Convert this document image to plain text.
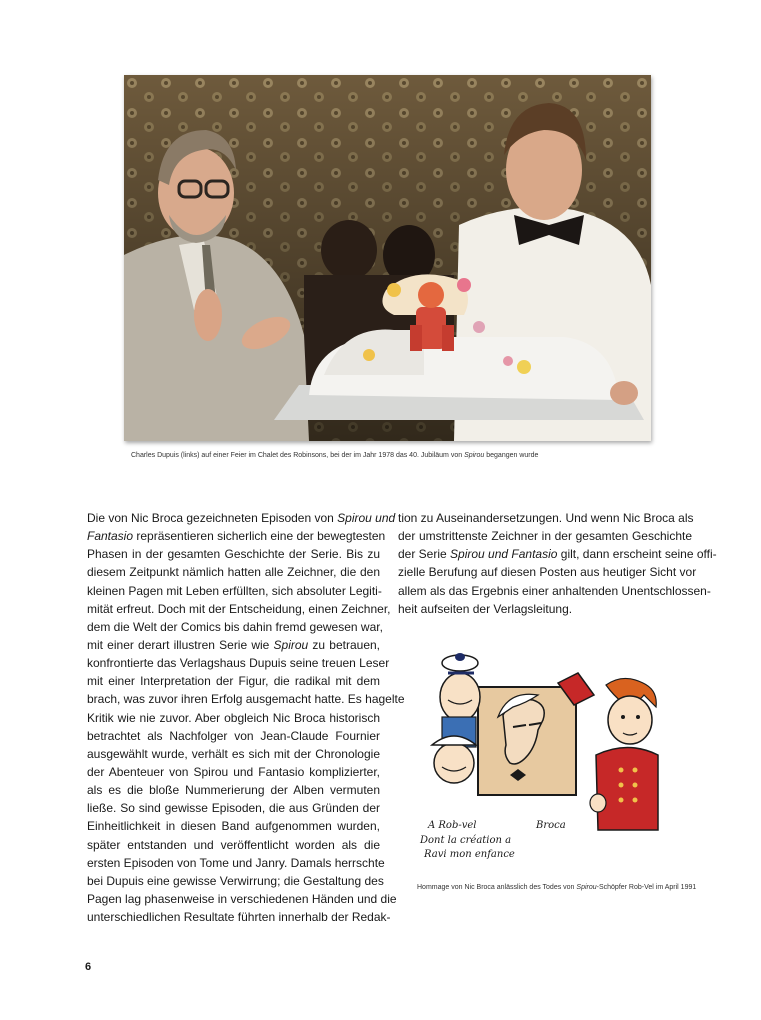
Charles Dupuis (links) auf einer Feier im Chalet des Robinsons, bei der im Jahr 1978 das 40. Jubiläum von Spirou begangen wurde
Die von Nic Broca gezeichneten Episoden von Spirou und
Fantasio repräsentieren sicherlich eine der bewegtesten
Phasen in der gesamten Geschichte der Serie. Bis zu
diesem Zeitpunkt nämlich hatten alle Zeichner, die den
kleinen Pagen mit Leben erfüllten, sich absoluter Legiti-
mität erfreut. Doch mit der Entscheidung, einen Zeichner,
dem die Welt der Comics bis dahin fremd gewesen war,
mit einer derart illustren Serie wie Spirou zu betrauen,
konfrontierte das Verlagshaus Dupuis seine treuen Leser
mit einer Interpretation der Figur, die radikal mit dem
brach, was zuvor ihren Erfolg ausgemacht hatte. Es hagelte
Kritik wie nie zuvor. Aber obgleich Nic Broca historisch
betrachtet als Nachfolger von Jean-Claude Fournier
ausgewählt wurde, verhält es sich mit der Chronologie
der Abenteuer von Spirou und Fantasio komplizierter,
als es die bloße Nummerierung der Alben vermuten
ließe. So sind gewisse Episoden, die aus Gründen der
Einheitlichkeit in diesen Band aufgenommen wurden,
später entstanden und veröffentlicht worden als die
ersten Episoden von Tome und Janry. Damals herrschte
bei Dupuis eine gewisse Verwirrung; die Gestaltung des
Pagen lag phasenweise in verschiedenen Händen und die
unterschiedlichen Resultate führten innerhalb der Redak-
tion zu Auseinandersetzungen. Und wenn Nic Broca als
der umstrittenste Zeichner in der gesamten Geschichte
der Serie Spirou und Fantasio gilt, dann erscheint seine offi-
zielle Berufung auf diesen Posten aus heutiger Sicht vor
allem als das Ergebnis einer anhaltenden Unentschlossen-
heit aufseiten der Verlagsleitung.
A Rob-vel
Dont la création a
Ravi mon enfance
Broca
Hommage von Nic Broca anlässlich des Todes von Spirou-Schöpfer Rob-Vel im April 1991
6
